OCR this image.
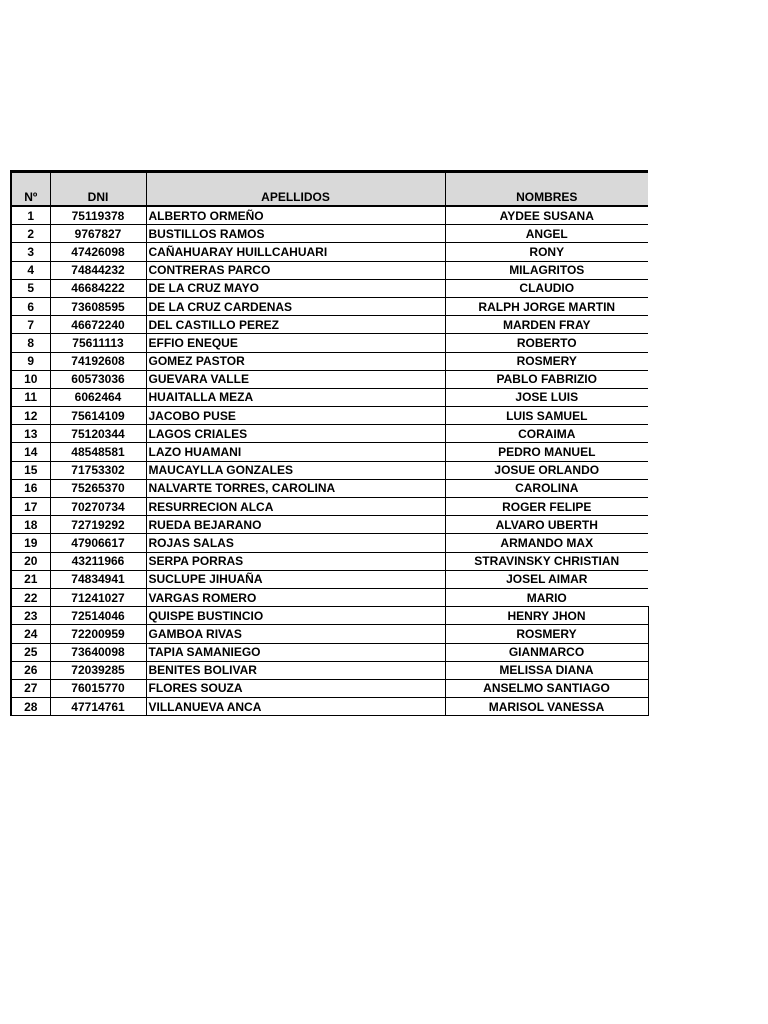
Nº	DNI	APELLIDOS	NOMBRES
1	75119378	ALBERTO ORMEÑO	AYDEE SUSANA
2	9767827	BUSTILLOS RAMOS	ANGEL
3	47426098	CAÑAHUARAY HUILLCAHUARI	RONY
4	74844232	CONTRERAS PARCO	MILAGRITOS
5	46684222	DE LA CRUZ MAYO	CLAUDIO
6	73608595	DE LA CRUZ CARDENAS	RALPH JORGE MARTIN
7	46672240	DEL CASTILLO PEREZ	MARDEN FRAY
8	75611113	EFFIO ENEQUE	ROBERTO
9	74192608	GOMEZ PASTOR	ROSMERY
10	60573036	GUEVARA VALLE	PABLO FABRIZIO
11	6062464	HUAITALLA MEZA	JOSE LUIS
12	75614109	JACOBO PUSE	LUIS SAMUEL
13	75120344	LAGOS CRIALES	CORAIMA
14	48548581	LAZO HUAMANI	PEDRO MANUEL
15	71753302	MAUCAYLLA GONZALES	JOSUE ORLANDO
16	75265370	NALVARTE TORRES, CAROLINA	CAROLINA
17	70270734	RESURRECION ALCA	ROGER FELIPE
18	72719292	RUEDA BEJARANO	ALVARO UBERTH
19	47906617	ROJAS SALAS	ARMANDO MAX
20	43211966	SERPA PORRAS	STRAVINSKY CHRISTIAN
21	74834941	SUCLUPE JIHUAÑA	JOSEL AIMAR
22	71241027	VARGAS ROMERO	MARIO
23	72514046	QUISPE BUSTINCIO	HENRY JHON
24	72200959	GAMBOA RIVAS	ROSMERY
25	73640098	TAPIA SAMANIEGO	GIANMARCO
26	72039285	BENITES BOLIVAR	MELISSA DIANA
27	76015770	FLORES SOUZA	ANSELMO SANTIAGO
28	47714761	VILLANUEVA ANCA	MARISOL VANESSA
